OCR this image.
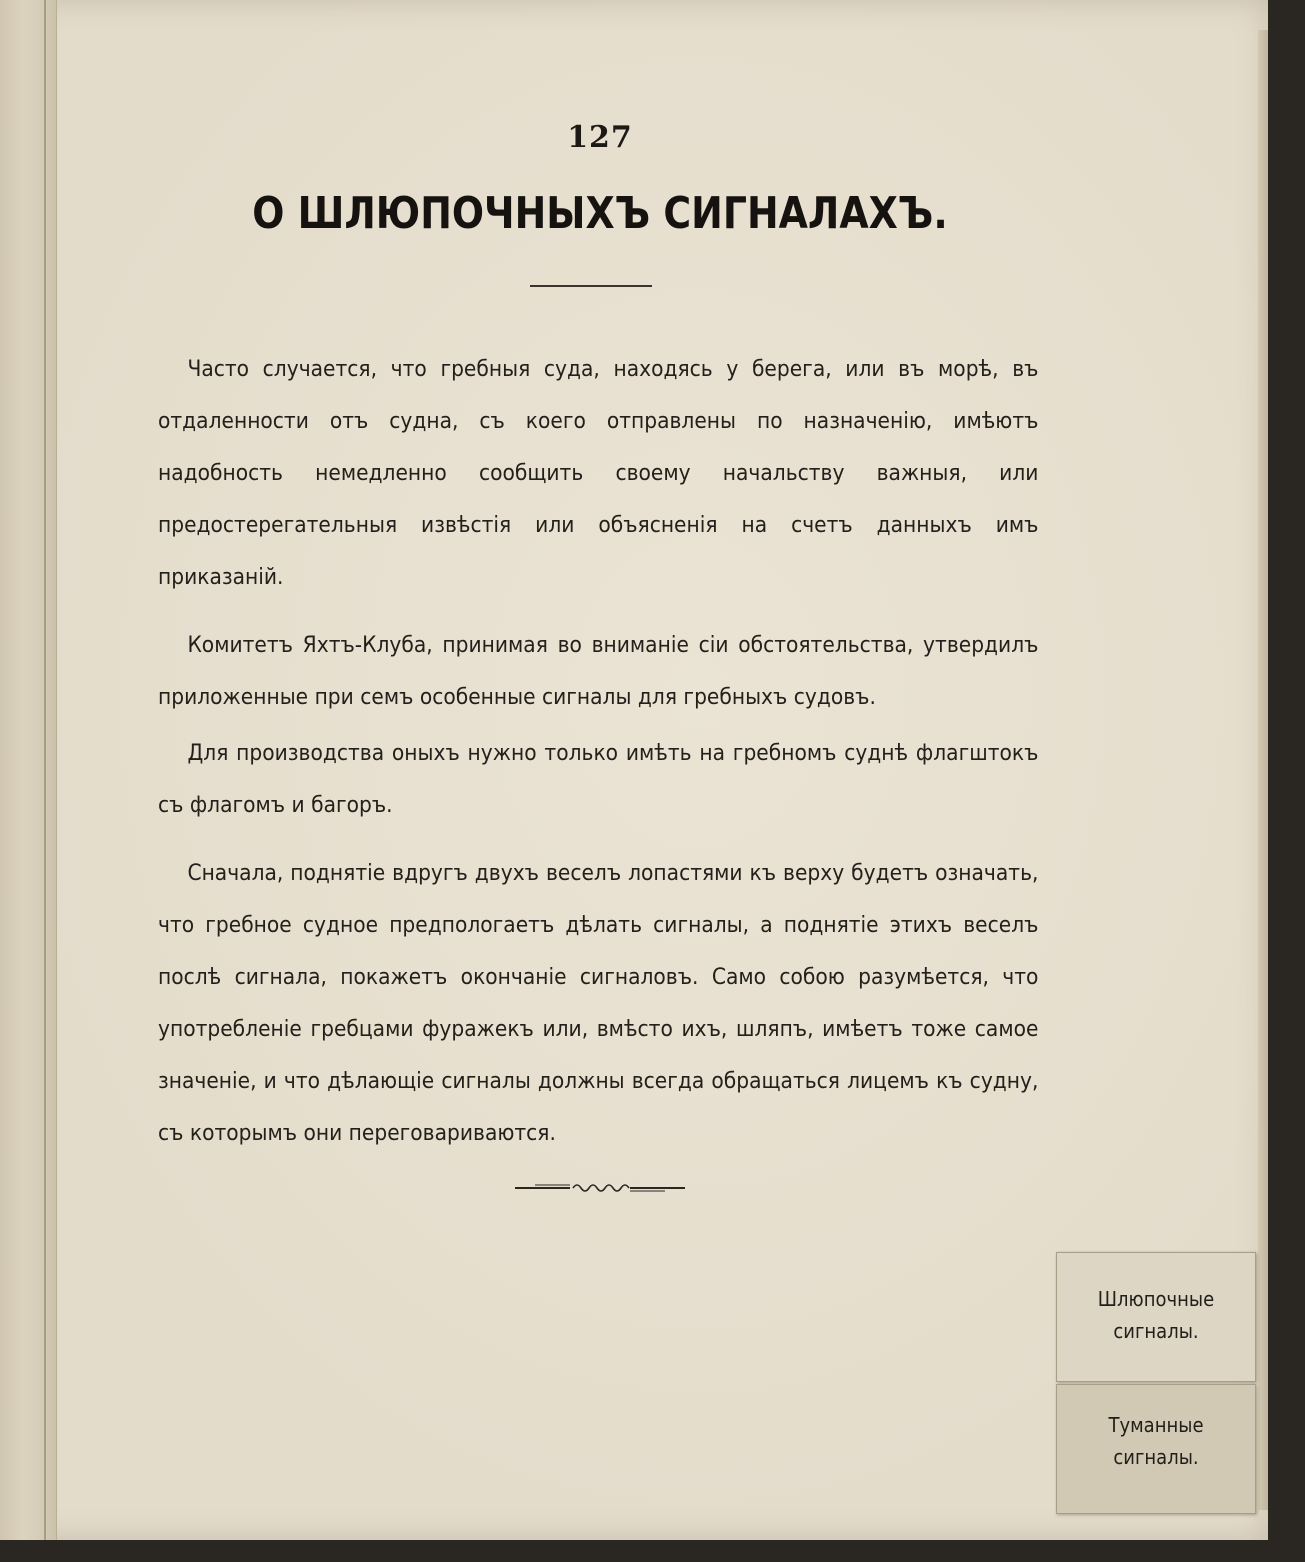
127
О ШЛЮПОЧНЫХЪ СИГНАЛАХЪ.

Часто случается, что гребныя суда, находясь у берега, или въ морѣ, въ отдаленности отъ судна, съ коего отправлены по назначенію, имѣютъ надобность немедленно сообщить своему начальству важныя, или предостерегательныя извѣстія или объясненія на счетъ данныхъ имъ приказаній.

Комитетъ Яхтъ-Клуба, принимая во вниманіе сіи обстоятельства, утвердилъ приложенные при семъ особенные сигналы для гребныхъ судовъ.

Для производства оныхъ нужно только имѣть на гребномъ суднѣ флагштокъ съ флагомъ и багоръ.

Сначала, поднятіе вдругъ двухъ веселъ лопастями къ верху будетъ означать, что гребное судное предпологаетъ дѣлать сигналы, а поднятіе этихъ веселъ послѣ сигнала, покажетъ окончаніе сигналовъ. Само собою разумѣется, что употребленіе гребцами фуражекъ или, вмѣсто ихъ, шляпъ, имѣетъ тоже самое значеніе, и что дѣлающіе сигналы должны всегда обращаться лицемъ къ судну, съ которымъ они переговариваются.

Шлюпочные
сигналы.
Туманные
сигналы.
